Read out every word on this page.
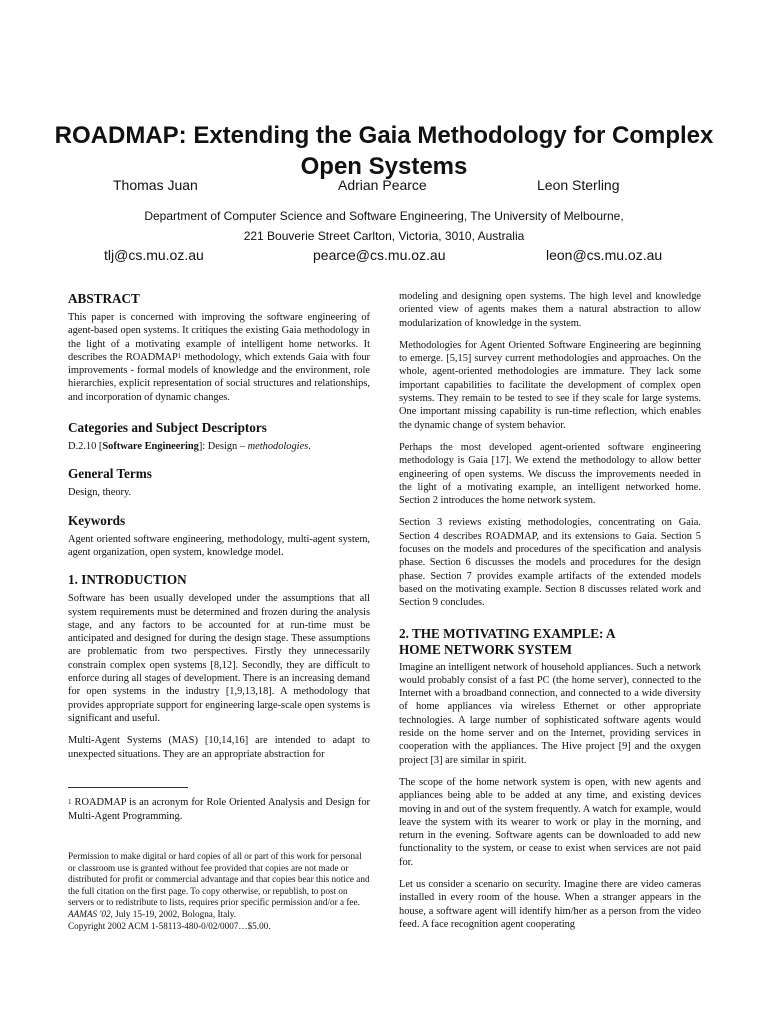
ROADMAP: Extending the Gaia Methodology for Complex Open Systems
Thomas Juan	Adrian Pearce	Leon Sterling
Department of Computer Science and Software Engineering, The University of Melbourne,
221 Bouverie Street Carlton, Victoria, 3010, Australia
tlj@cs.mu.oz.au	pearce@cs.mu.oz.au	leon@cs.mu.oz.au
ABSTRACT

This paper is concerned with improving the software engineering of agent-based open systems. It critiques the existing Gaia methodology in the light of a motivating example of intelligent home networks. It describes the ROADMAP$^1$ methodology, which extends Gaia with four improvements - formal models of knowledge and the environment, role hierarchies, explicit representation of social structures and relationships, and incorporation of dynamic changes.

Categories and Subject Descriptors

D.2.10 [Software Engineering]: Design – methodologies.

General Terms

Design, theory.

Keywords

Agent oriented software engineering, methodology, multi-agent system, agent organization, open system, knowledge model.

1. INTRODUCTION

Software has been usually developed under the assumptions that all system requirements must be determined and frozen during the analysis stage, and any factors to be accounted for at run-time must be anticipated and designed for during the design stage. These assumptions are problematic from two perspectives. Firstly they unnecessarily constrain complex open systems [8,12]. Secondly, they are difficult to enforce during all stages of development. There is an increasing demand for open systems in the industry [1,9,13,18]. A methodology that provides appropriate support for engineering large-scale open systems is significant and useful.

Multi-Agent Systems (MAS) [10,14,16] are intended to adapt to unexpected situations. They are an appropriate abstraction for

$^1$ ROADMAP is an acronym for Role Oriented Analysis and Design for Multi-Agent Programming.
Permission to make digital or hard copies of all or part of this work for personal or classroom use is granted without fee provided that copies are not made or distributed for profit or commercial advantage and that copies bear this notice and the full citation on the first page. To copy otherwise, or republish, to post on servers or to redistribute to lists, requires prior specific permission and/or a fee.
AAMAS '02, July 15-19, 2002, Bologna, Italy.
Copyright 2002 ACM 1-58113-480-0/02/0007…$5.00.

modeling and designing open systems. The high level and knowledge oriented view of agents makes them a natural abstraction to allow modularization of knowledge in the system.

Methodologies for Agent Oriented Software Engineering are beginning to emerge. [5,15] survey current methodologies and approaches. On the whole, agent-oriented methodologies are immature. They lack some important capabilities to facilitate the development of complex open systems. They remain to be tested to see if they scale for large systems. One important missing capability is run-time reflection, which enables the dynamic change of system behavior.

Perhaps the most developed agent-oriented software engineering methodology is Gaia [17]. We extend the methodology to allow better engineering of open systems. We discuss the improvements needed in the light of a motivating example, an intelligent networked home. Section 2 introduces the home network system.

Section 3 reviews existing methodologies, concentrating on Gaia. Section 4 describes ROADMAP, and its extensions to Gaia. Section 5 focuses on the models and procedures of the specification and analysis phase. Section 6 discusses the models and procedures for the design phase. Section 7 provides example artifacts of the extended models based on the motivating example. Section 8 discusses related work and Section 9 concludes.

2. THE MOTIVATING EXAMPLE: A
HOME NETWORK SYSTEM

Imagine an intelligent network of household appliances. Such a network would probably consist of a fast PC (the home server), connected to the Internet with a broadband connection, and connected to a wide diversity of home appliances via wireless Ethernet or other appropriate technologies. A large number of sophisticated software agents would reside on the home server and on the Internet, providing services in cooperation with the appliances. The Hive project [9] and the oxygen project [3] are similar in spirit.

The scope of the home network system is open, with new agents and appliances being able to be added at any time, and existing devices moving in and out of the system frequently. A watch for example, would leave the system with its wearer to work or play in the morning, and return in the evening. Software agents can be downloaded to add new functionality to the system, or cease to exist when services are not paid for.

Let us consider a scenario on security. Imagine there are video cameras installed in every room of the house. When a stranger appears in the house, a software agent will identify him/her as a person from the video feed. A face recognition agent cooperating
